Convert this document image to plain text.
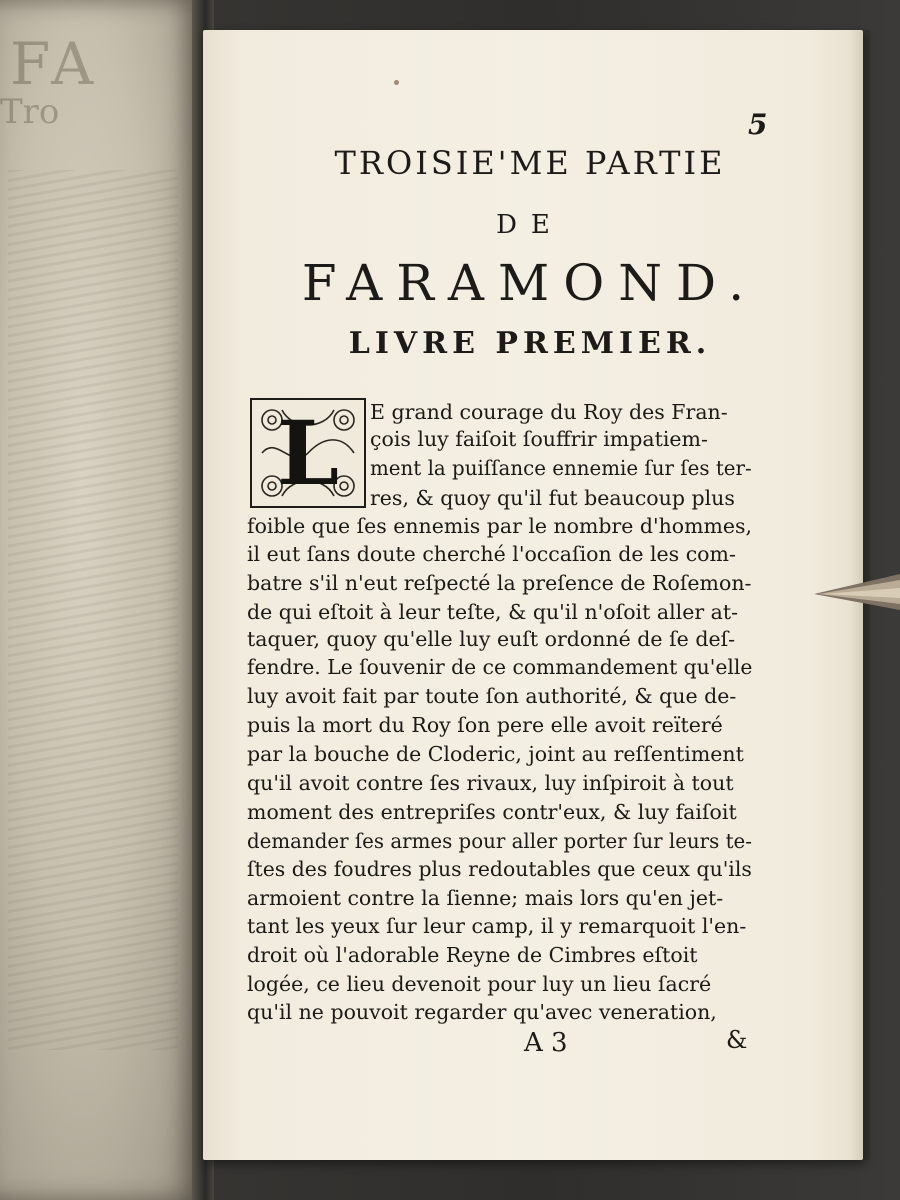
FA
Tro	5
TROISIE'ME PARTIE
DE
FARAMOND.
LIVRE PREMIER.
L	E grand courage du Roy des Fran-
çois luy faiſoit ſouffrir impatiem-
ment la puiſſance ennemie ſur ſes ter-
res, & quoy qu'il fut beaucoup plus
foible que ſes ennemis par le nombre d'hommes,
il eut ſans doute cherché l'occaſion de les com-
batre s'il n'eut reſpecté la preſence de Roſemon-
de qui eſtoit à leur teſte, & qu'il n'oſoit aller at-
taquer, quoy qu'elle luy euſt ordonné de ſe deſ-
fendre. Le ſouvenir de ce commandement qu'elle
luy avoit fait par toute ſon authorité, & que de-
puis la mort du Roy ſon pere elle avoit reïteré
par la bouche de Cloderic, joint au reſſentiment
qu'il avoit contre ſes rivaux, luy inſpiroit à tout
moment des entrepriſes contr'eux, & luy faiſoit
demander ſes armes pour aller porter ſur leurs te-
ſtes des foudres plus redoutables que ceux qu'ils
armoient contre la ſienne; mais lors qu'en jet-
tant les yeux ſur leur camp, il y remarquoit l'en-
droit où l'adorable Reyne de Cimbres eſtoit
logée, ce lieu devenoit pour luy un lieu ſacré
qu'il ne pouvoit regarder qu'avec veneration,
A 3	&
